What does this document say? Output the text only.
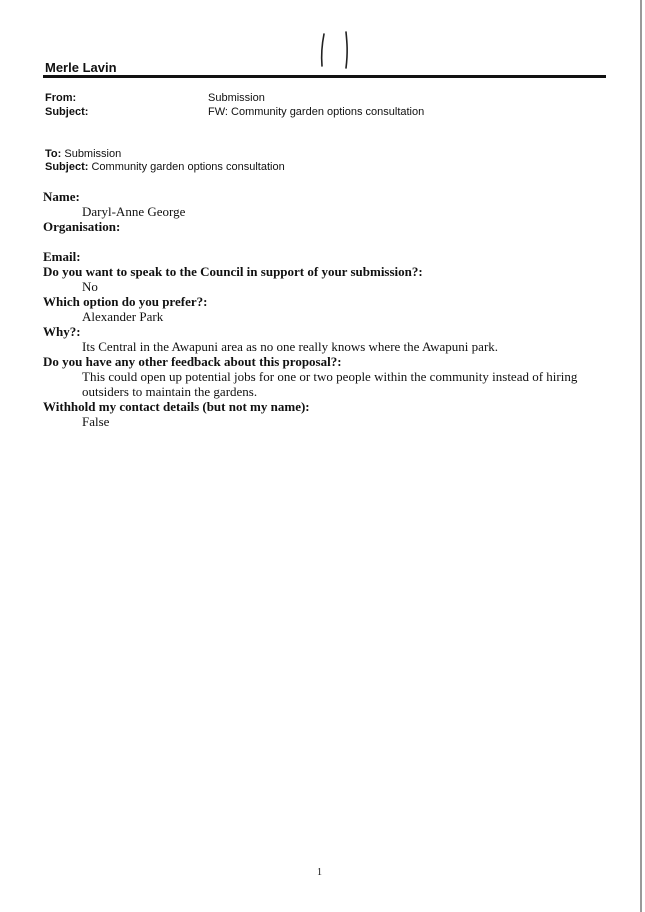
Merle Lavin
From:	Submission
Subject:	FW: Community garden options consultation
To: Submission
Subject: Community garden options consultation
Name:
Daryl-Anne George
Organisation:
Email:
Do you want to speak to the Council in support of your submission?:
No
Which option do you prefer?:
Alexander Park
Why?:
Its Central in the Awapuni area as no one really knows where the Awapuni park.
Do you have any other feedback about this proposal?:
This could open up potential jobs for one or two people within the community instead of hiring outsiders to maintain the gardens.
Withhold my contact details (but not my name):
False
1
